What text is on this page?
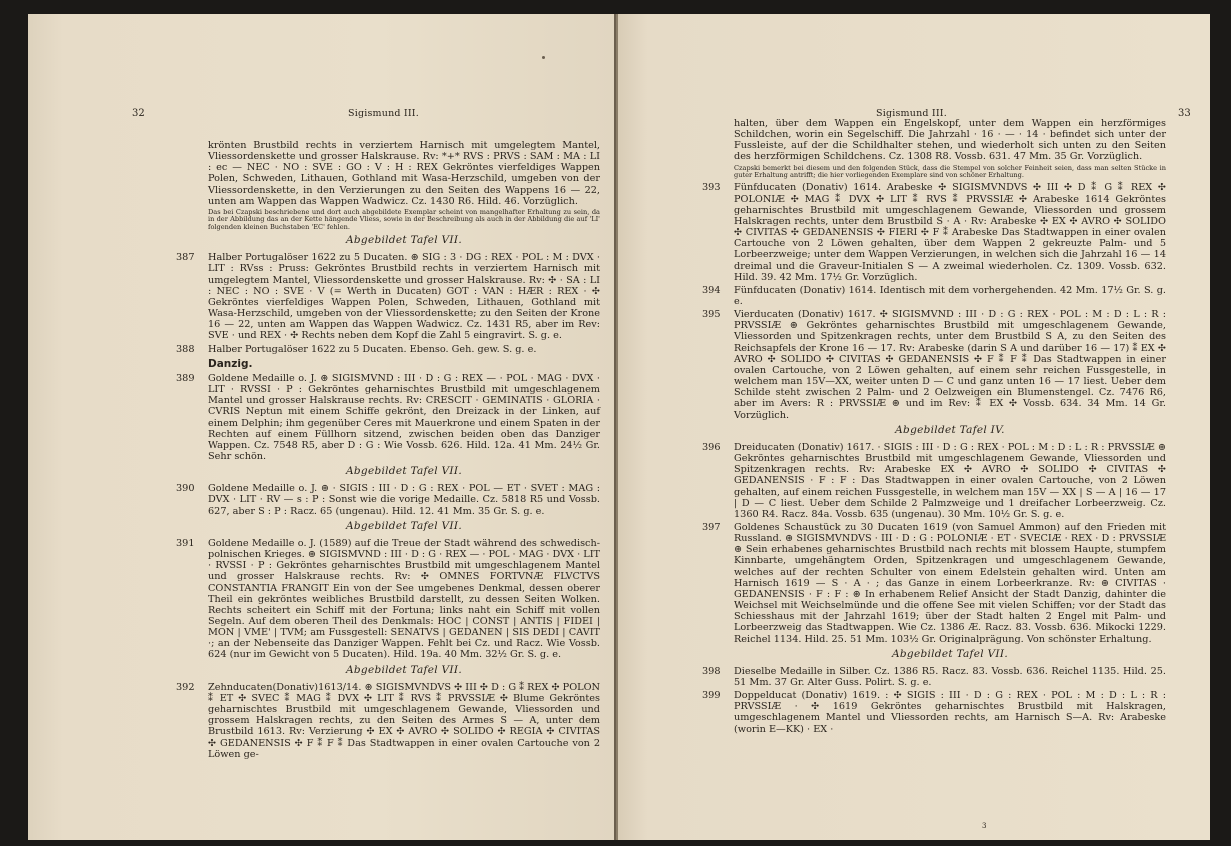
32	Sigismund III.
krönten Brustbild rechts in verziertem Harnisch mit umgelegtem Mantel, Vliessordenskette und grosser Halskrause. Rv: *+* RVS : PRVS : SAM : MA : LI : ec — NEC · NO : SVE : GO : V : H : REX Gekröntes vierfeldiges Wappen Polen, Schweden, Lithauen, Gothland mit Wasa-Herzschild, umgeben von der Vliessordenskette, in den Verzierungen zu den Seiten des Wappens 16 — 22, unten am Wappen das Wappen Wadwicz. Cz. 1430 R6. Hild. 46. Vorzüglich.
Das bei Czapski beschriebene und dort auch abgebildete Exemplar scheint von mangelhafter Erhaltung zu sein, da in der Abbildung das an der Kette hängende Vliess, sowie in der Beschreibung als auch in der Abbildung die auf 'LI' folgenden kleinen Buchstaben 'EC' fehlen.
Abgebildet Tafel VII.
387 Halber Portugalöser 1622 zu 5 Ducaten. ⊛ SIG : 3 · DG : REX · POL : M : DVX · LIT : RVss : Pruss: Gekröntes Brustbild rechts in verziertem Harnisch mit umgelegtem Mantel, Vliessordenskette und grosser Halskrause. Rv: ✣ · SA : LI : NEC : NO : SVE · V (= Werth in Ducaten) GOT : VAN : HÆR : REX · ✣ Gekröntes vierfeldiges Wappen Polen, Schweden, Lithauen, Gothland mit Wasa-Herzschild, umgeben von der Vliessordenskette; zu den Seiten der Krone 16 — 22, unten am Wappen das Wappen Wadwicz. Cz. 1431 R5, aber im Rev: SVE · und REX · ✣ Rechts neben dem Kopf die Zahl 5 eingravirt. S. g. e.
388 Halber Portugalöser 1622 zu 5 Ducaten. Ebenso. Geh. gew. S. g. e.
Danzig.
389 Goldene Medaille o. J. ⊛ SIGISMVND : III · D : G : REX — · POL · MAG · DVX · LIT · RVSSI · P : Gekröntes geharnischtes Brustbild mit umgeschlagenem Mantel und grosser Halskrause rechts. Rv: CRESCIT · GEMINATIS · GLORIA · CVRIS Neptun mit einem Schiffe gekrönt, den Dreizack in der Linken, auf einem Delphin; ihm gegenüber Ceres mit Mauerkrone und einem Spaten in der Rechten auf einem Füllhorn sitzend, zwischen beiden oben das Danziger Wappen. Cz. 7548 R5, aber D : G : Wie Vossb. 626. Hild. 12a. 41 Mm. 24½ Gr. Sehr schön.
Abgebildet Tafel VII.
390 Goldene Medaille o. J. ⊛ · SIGIS : III · D : G : REX · POL — ET · SVET : MAG : DVX · LIT · RV — s : P : Sonst wie die vorige Medaille. Cz. 5818 R5 und Vossb. 627, aber S : P : Racz. 65 (ungenau). Hild. 12. 41 Mm. 35 Gr. S. g. e.
Abgebildet Tafel VII.
391 Goldene Medaille o. J. (1589) auf die Treue der Stadt während des schwedisch-polnischen Krieges. ⊛ SIGISMVND : III · D : G · REX — · POL · MAG · DVX · LIT · RVSSI · P : Gekröntes geharnischtes Brustbild mit umgeschlagenem Mantel und grosser Halskrause rechts. Rv: ✣ OMNES FORTVNÆ FLVCTVS CONSTANTIA FRANGIT Ein von der See umgebenes Denkmal, dessen oberer Theil ein gekröntes weibliches Brustbild darstellt, zu dessen Seiten Wolken. Rechts scheitert ein Schiff mit der Fortuna; links naht ein Schiff mit vollen Segeln. Auf dem oberen Theil des Denkmals: HOC | CONST | ANTIS | FIDEI | MON | VME' | TVM; am Fussgestell: SENATVS | GEDANEN | SIS DEDI | CAVIT ·; an der Nebenseite das Danziger Wappen. Fehlt bei Cz. und Racz. Wie Vossb. 624 (nur im Gewicht von 5 Ducaten). Hild. 19a. 40 Mm. 32½ Gr. S. g. e.
Abgebildet Tafel VII.
392 Zehnducaten(Donativ)1613/14. ⊛ SIGISMVNDVS ✣ III ✣ D : G ⁑ REX ✣ POLON ⁑ ET ✣ SVEC ⁑ MAG ⁑ DVX ✣ LIT ⁑ RVS ⁑ PRVSSIÆ ✣ Blume Gekröntes geharnischtes Brustbild mit umgeschlagenem Gewande, Vliessorden und grossem Halskragen rechts, zu den Seiten des Armes S — A, unter dem Brustbild 1613. Rv: Verzierung ✣ EX ✣ AVRO ✣ SOLIDO ✣ REGIA ✣ CIVITAS ✣ GEDANENSIS ✣ F ⁑ F ⁑ Das Stadtwappen in einer ovalen Cartouche von 2 Löwen ge-
Sigismund III.	33
halten, über dem Wappen ein Engelskopf, unter dem Wappen ein herzförmiges Schildchen, worin ein Segelschiff. Die Jahrzahl · 16 · — · 14 · befindet sich unter der Fussleiste, auf der die Schildhalter stehen, und wiederholt sich unten zu den Seiten des herzförmigen Schildchens. Cz. 1308 R8. Vossb. 631. 47 Mm. 35 Gr. Vorzüglich.
Czapski bemerkt bei diesem und den folgenden Stück, dass die Stempel von solcher Feinheit seien, dass man selten Stücke in guter Erhaltung antrifft; die hier vorliegenden Exemplare sind von schöner Erhaltung.
393 Fünfducaten (Donativ) 1614. Arabeske ✣ SIGISMVNDVS ✣ III ✣ D ⁑ G ⁑ REX ✣ POLONIÆ ✣ MAG ⁑ DVX ✣ LIT ⁑ RVS ⁑ PRVSSIÆ ✣ Arabeske 1614 Gekröntes geharnischtes Brustbild mit umgeschlagenem Gewande, Vliessorden und grossem Halskragen rechts, unter dem Brustbild S · A · Rv: Arabeske ✣ EX ✣ AVRO ✣ SOLIDO ✣ CIVITAS ✣ GEDANENSIS ✣ FIERI ✣ F ⁑ Arabeske Das Stadtwappen in einer ovalen Cartouche von 2 Löwen gehalten, über dem Wappen 2 gekreuzte Palm- und 5 Lorbeerzweige; unter dem Wappen Verzierungen, in welchen sich die Jahrzahl 16 — 14 dreimal und die Graveur-Initialen S — A zweimal wiederholen. Cz. 1309. Vossb. 632. Hild. 39. 42 Mm. 17½ Gr. Vorzüglich.
394 Fünfducaten (Donativ) 1614. Identisch mit dem vorhergehenden. 42 Mm. 17½ Gr. S. g. e.
395 Vierducaten (Donativ) 1617. ✣ SIGISMVND : III · D : G : REX · POL : M : D : L : R : PRVSSIÆ ⊛ Gekröntes geharnischtes Brustbild mit umgeschlagenem Gewande, Vliessorden und Spitzenkragen rechts, unter dem Brustbild S A, zu den Seiten des Reichsapfels der Krone 16 — 17. Rv: Arabeske (darin S A und darüber 16 — 17) ⁑ EX ✣ AVRO ✣ SOLIDO ✣ CIVITAS ✣ GEDANENSIS ✣ F ⁑ F ⁑ Das Stadtwappen in einer ovalen Cartouche, von 2 Löwen gehalten, auf einem sehr reichen Fussgestelle, in welchem man 15V—XX, weiter unten D — C und ganz unten 16 — 17 liest. Ueber dem Schilde steht zwischen 2 Palm- und 2 Oelzweigen ein Blumenstengel. Cz. 7476 R6, aber im Avers: R : PRVSSIÆ ⊛ und im Rev: ⁑ EX ✣ Vossb. 634. 34 Mm. 14 Gr. Vorzüglich.
Abgebildet Tafel IV.
396 Dreiducaten (Donativ) 1617. · SIGIS : III · D : G : REX · POL : M : D : L : R : PRVSSIÆ ⊛ Gekröntes geharnischtes Brustbild mit umgeschlagenem Gewande, Vliessorden und Spitzenkragen rechts. Rv: Arabeske EX ✣ AVRO ✣ SOLIDO ✣ CIVITAS ✣ GEDANENSIS · F : F : Das Stadtwappen in einer ovalen Cartouche, von 2 Löwen gehalten, auf einem reichen Fussgestelle, in welchem man 15V — XX | S — A | 16 — 17 | D — C liest. Ueber dem Schilde 2 Palmzweige und 1 dreifacher Lorbeerzweig. Cz. 1360 R4. Racz. 84a. Vossb. 635 (ungenau). 30 Mm. 10½ Gr. S. g. e.
397 Goldenes Schaustück zu 30 Ducaten 1619 (von Samuel Ammon) auf den Frieden mit Russland. ⊛ SIGISMVNDVS · III · D : G : POLONIÆ · ET · SVECIÆ · REX · D : PRVSSIÆ ⊛ Sein erhabenes geharnischtes Brustbild nach rechts mit blossem Haupte, stumpfem Kinnbarte, umgehängtem Orden, Spitzenkragen und umgeschlagenem Gewande, welches auf der rechten Schulter von einem Edelstein gehalten wird. Unten am Harnisch 1619 — S · A · ; das Ganze in einem Lorbeerkranze. Rv: ⊛ CIVITAS · GEDANENSIS · F : F : ⊛ In erhabenem Relief Ansicht der Stadt Danzig, dahinter die Weichsel mit Weichselmünde und die offene See mit vielen Schiffen; vor der Stadt das Schiesshaus mit der Jahrzahl 1619; über der Stadt halten 2 Engel mit Palm- und Lorbeerzweig das Stadtwappen. Wie Cz. 1386 Æ. Racz. 83. Vossb. 636. Mikocki 1229. Reichel 1134. Hild. 25. 51 Mm. 103½ Gr. Originalprägung. Von schönster Erhaltung.
Abgebildet Tafel VII.
398 Dieselbe Medaille in Silber. Cz. 1386 R5. Racz. 83. Vossb. 636. Reichel 1135. Hild. 25. 51 Mm. 37 Gr. Alter Guss. Polirt. S. g. e.
399 Doppelducat (Donativ) 1619. : ✣ SIGIS : III · D : G : REX · POL : M : D : L : R : PRVSSIÆ · ✣ 1619 Gekröntes geharnischtes Brustbild mit Halskragen, umgeschlagenem Mantel und Vliessorden rechts, am Harnisch S—A. Rv: Arabeske (worin E—KK) · EX ·
3
